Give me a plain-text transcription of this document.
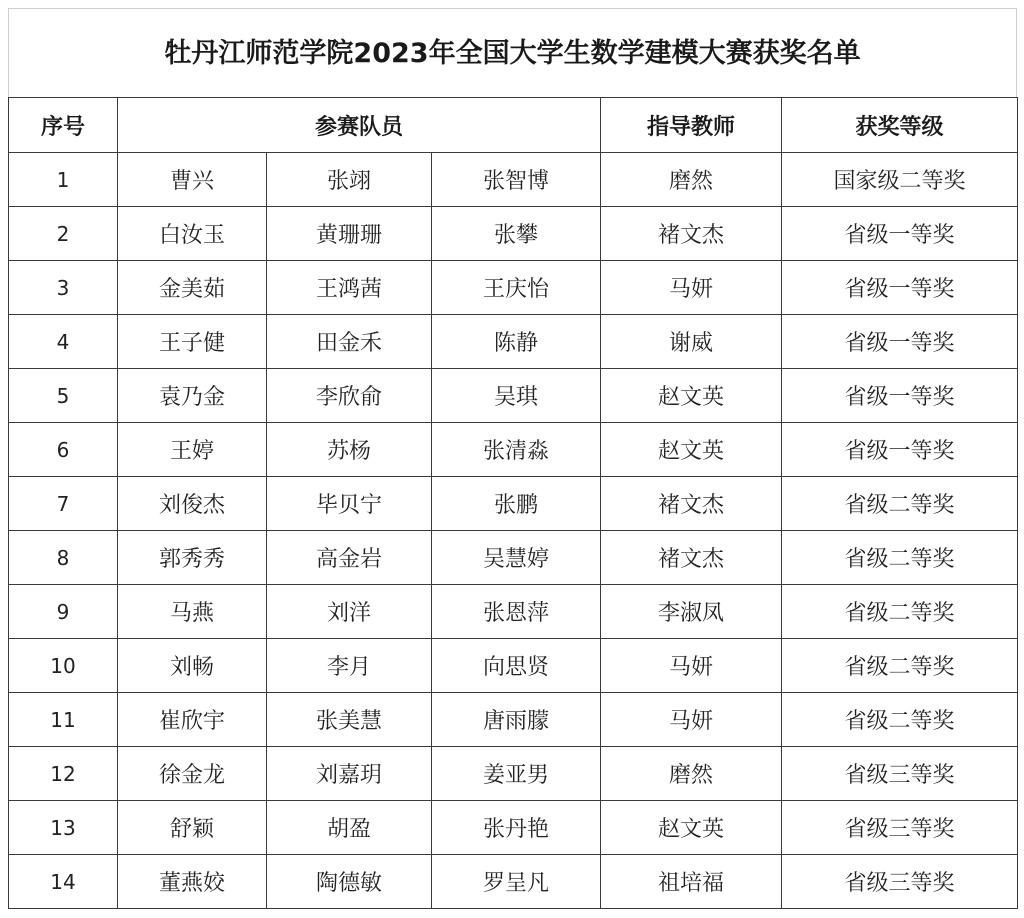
牡丹江师范学院2023年全国大学生数学建模大赛获奖名单
序号	参赛队员			指导教师	获奖等级
1	曹兴	张翊	张智博	磨然	国家级二等奖
2	白汝玉	黄珊珊	张攀	褚文杰	省级一等奖
3	金美茹	王鸿茜	王庆怡	马妍	省级一等奖
4	王子健	田金禾	陈静	谢威	省级一等奖
5	袁乃金	李欣俞	吴琪	赵文英	省级一等奖
6	王婷	苏杨	张清淼	赵文英	省级一等奖
7	刘俊杰	毕贝宁	张鹏	褚文杰	省级二等奖
8	郭秀秀	高金岩	吴慧婷	褚文杰	省级二等奖
9	马燕	刘洋	张恩萍	李淑凤	省级二等奖
10	刘畅	李月	向思贤	马妍	省级二等奖
11	崔欣宇	张美慧	唐雨朦	马妍	省级二等奖
12	徐金龙	刘嘉玥	姜亚男	磨然	省级三等奖
13	舒颖	胡盈	张丹艳	赵文英	省级三等奖
14	董燕姣	陶德敏	罗呈凡	祖培福	省级三等奖
